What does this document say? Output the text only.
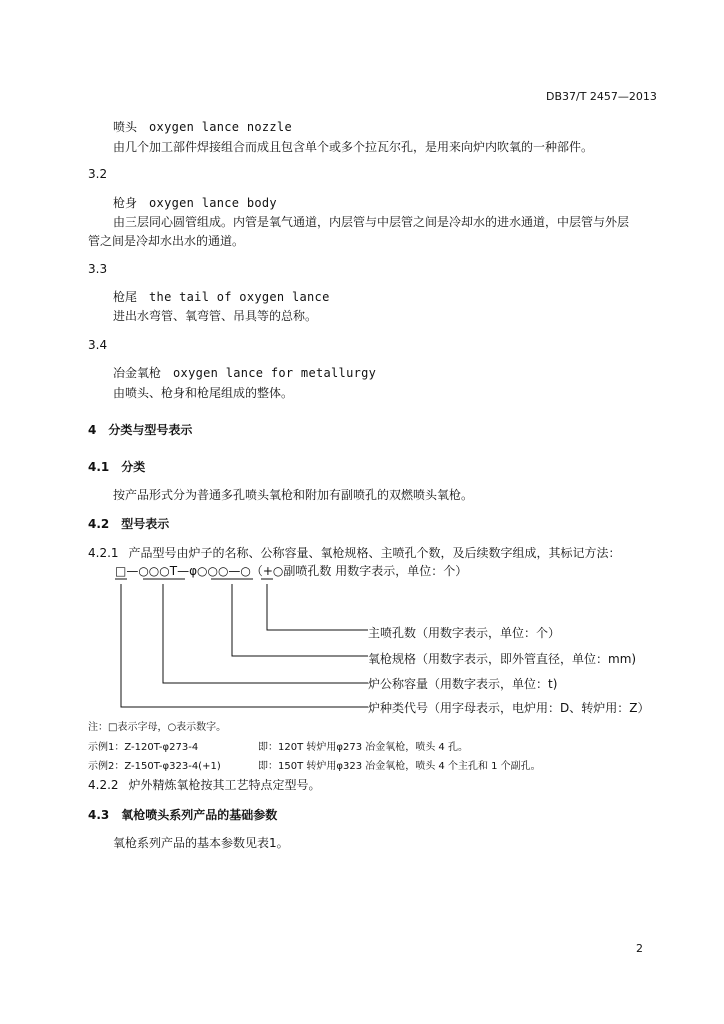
DB37/T 2457—2013
喷头 oxygen lance nozzle
由几个加工部件焊接组合而成且包含单个或多个拉瓦尔孔，是用来向炉内吹氧的一种部件。
3.2
枪身 oxygen lance body
由三层同心圆管组成。内管是氧气通道，内层管与中层管之间是冷却水的进水通道，中层管与外层
管之间是冷却水出水的通道。
3.3
枪尾 the tail of oxygen lance
进出水弯管、氧弯管、吊具等的总称。
3.4
冶金氧枪 oxygen lance for metallurgy
由喷头、枪身和枪尾组成的整体。
4 分类与型号表示
4.1 分类
按产品形式分为普通多孔喷头氧枪和附加有副喷孔的双燃喷头氧枪。
4.2 型号表示
4.2.1 产品型号由炉子的名称、公称容量、氧枪规格、主喷孔个数，及后续数字组成，其标记方法：
□—○○○T—φ○○○—○（+○副喷孔数 用数字表示，单位：个）
主喷孔数（用数字表示，单位：个）
氧枪规格（用数字表示，即外管直径，单位：mm)
炉公称容量（用数字表示，单位：t)
炉种类代号（用字母表示，电炉用：D、转炉用：Z）
注：□表示字母，○表示数字。
示例1：Z-120T-φ273-4	即：120T 转炉用φ273 冶金氧枪，喷头 4 孔。
示例2：Z-150T-φ323-4(+1)	即：150T 转炉用φ323 冶金氧枪，喷头 4 个主孔和 1 个副孔。
4.2.2 炉外精炼氧枪按其工艺特点定型号。
4.3 氧枪喷头系列产品的基础参数
氧枪系列产品的基本参数见表1。
2
